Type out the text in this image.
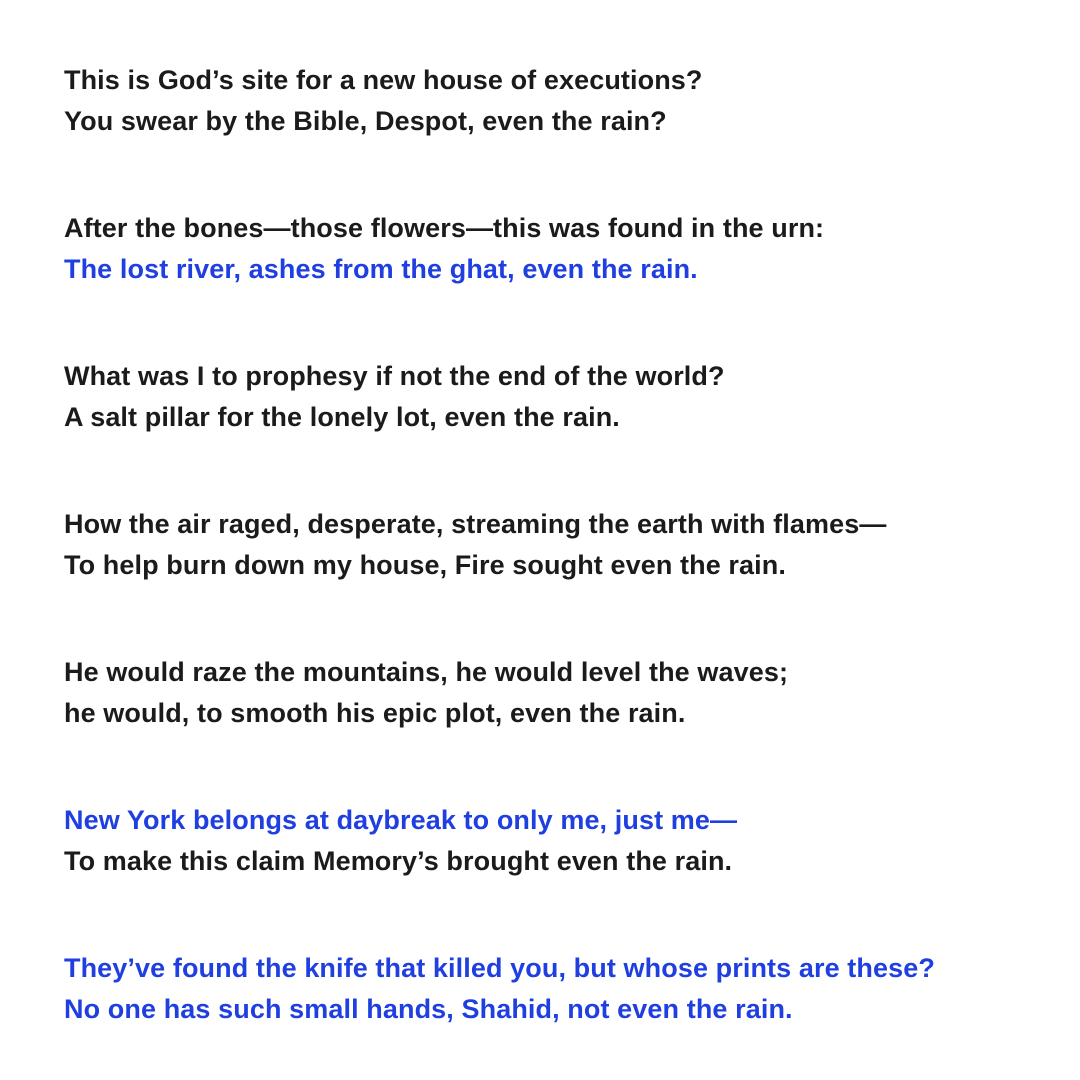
This is God’s site for a new house of executions?
You swear by the Bible, Despot, even the rain?
After the bones—those flowers—this was found in the urn:
The lost river, ashes from the ghat, even the rain.
What was I to prophesy if not the end of the world?
A salt pillar for the lonely lot, even the rain.
How the air raged, desperate, streaming the earth with flames—
To help burn down my house, Fire sought even the rain.
He would raze the mountains, he would level the waves;
he would, to smooth his epic plot, even the rain.
New York belongs at daybreak to only me, just me—
To make this claim Memory’s brought even the rain.
They’ve found the knife that killed you, but whose prints are these?
No one has such small hands, Shahid, not even the rain.
